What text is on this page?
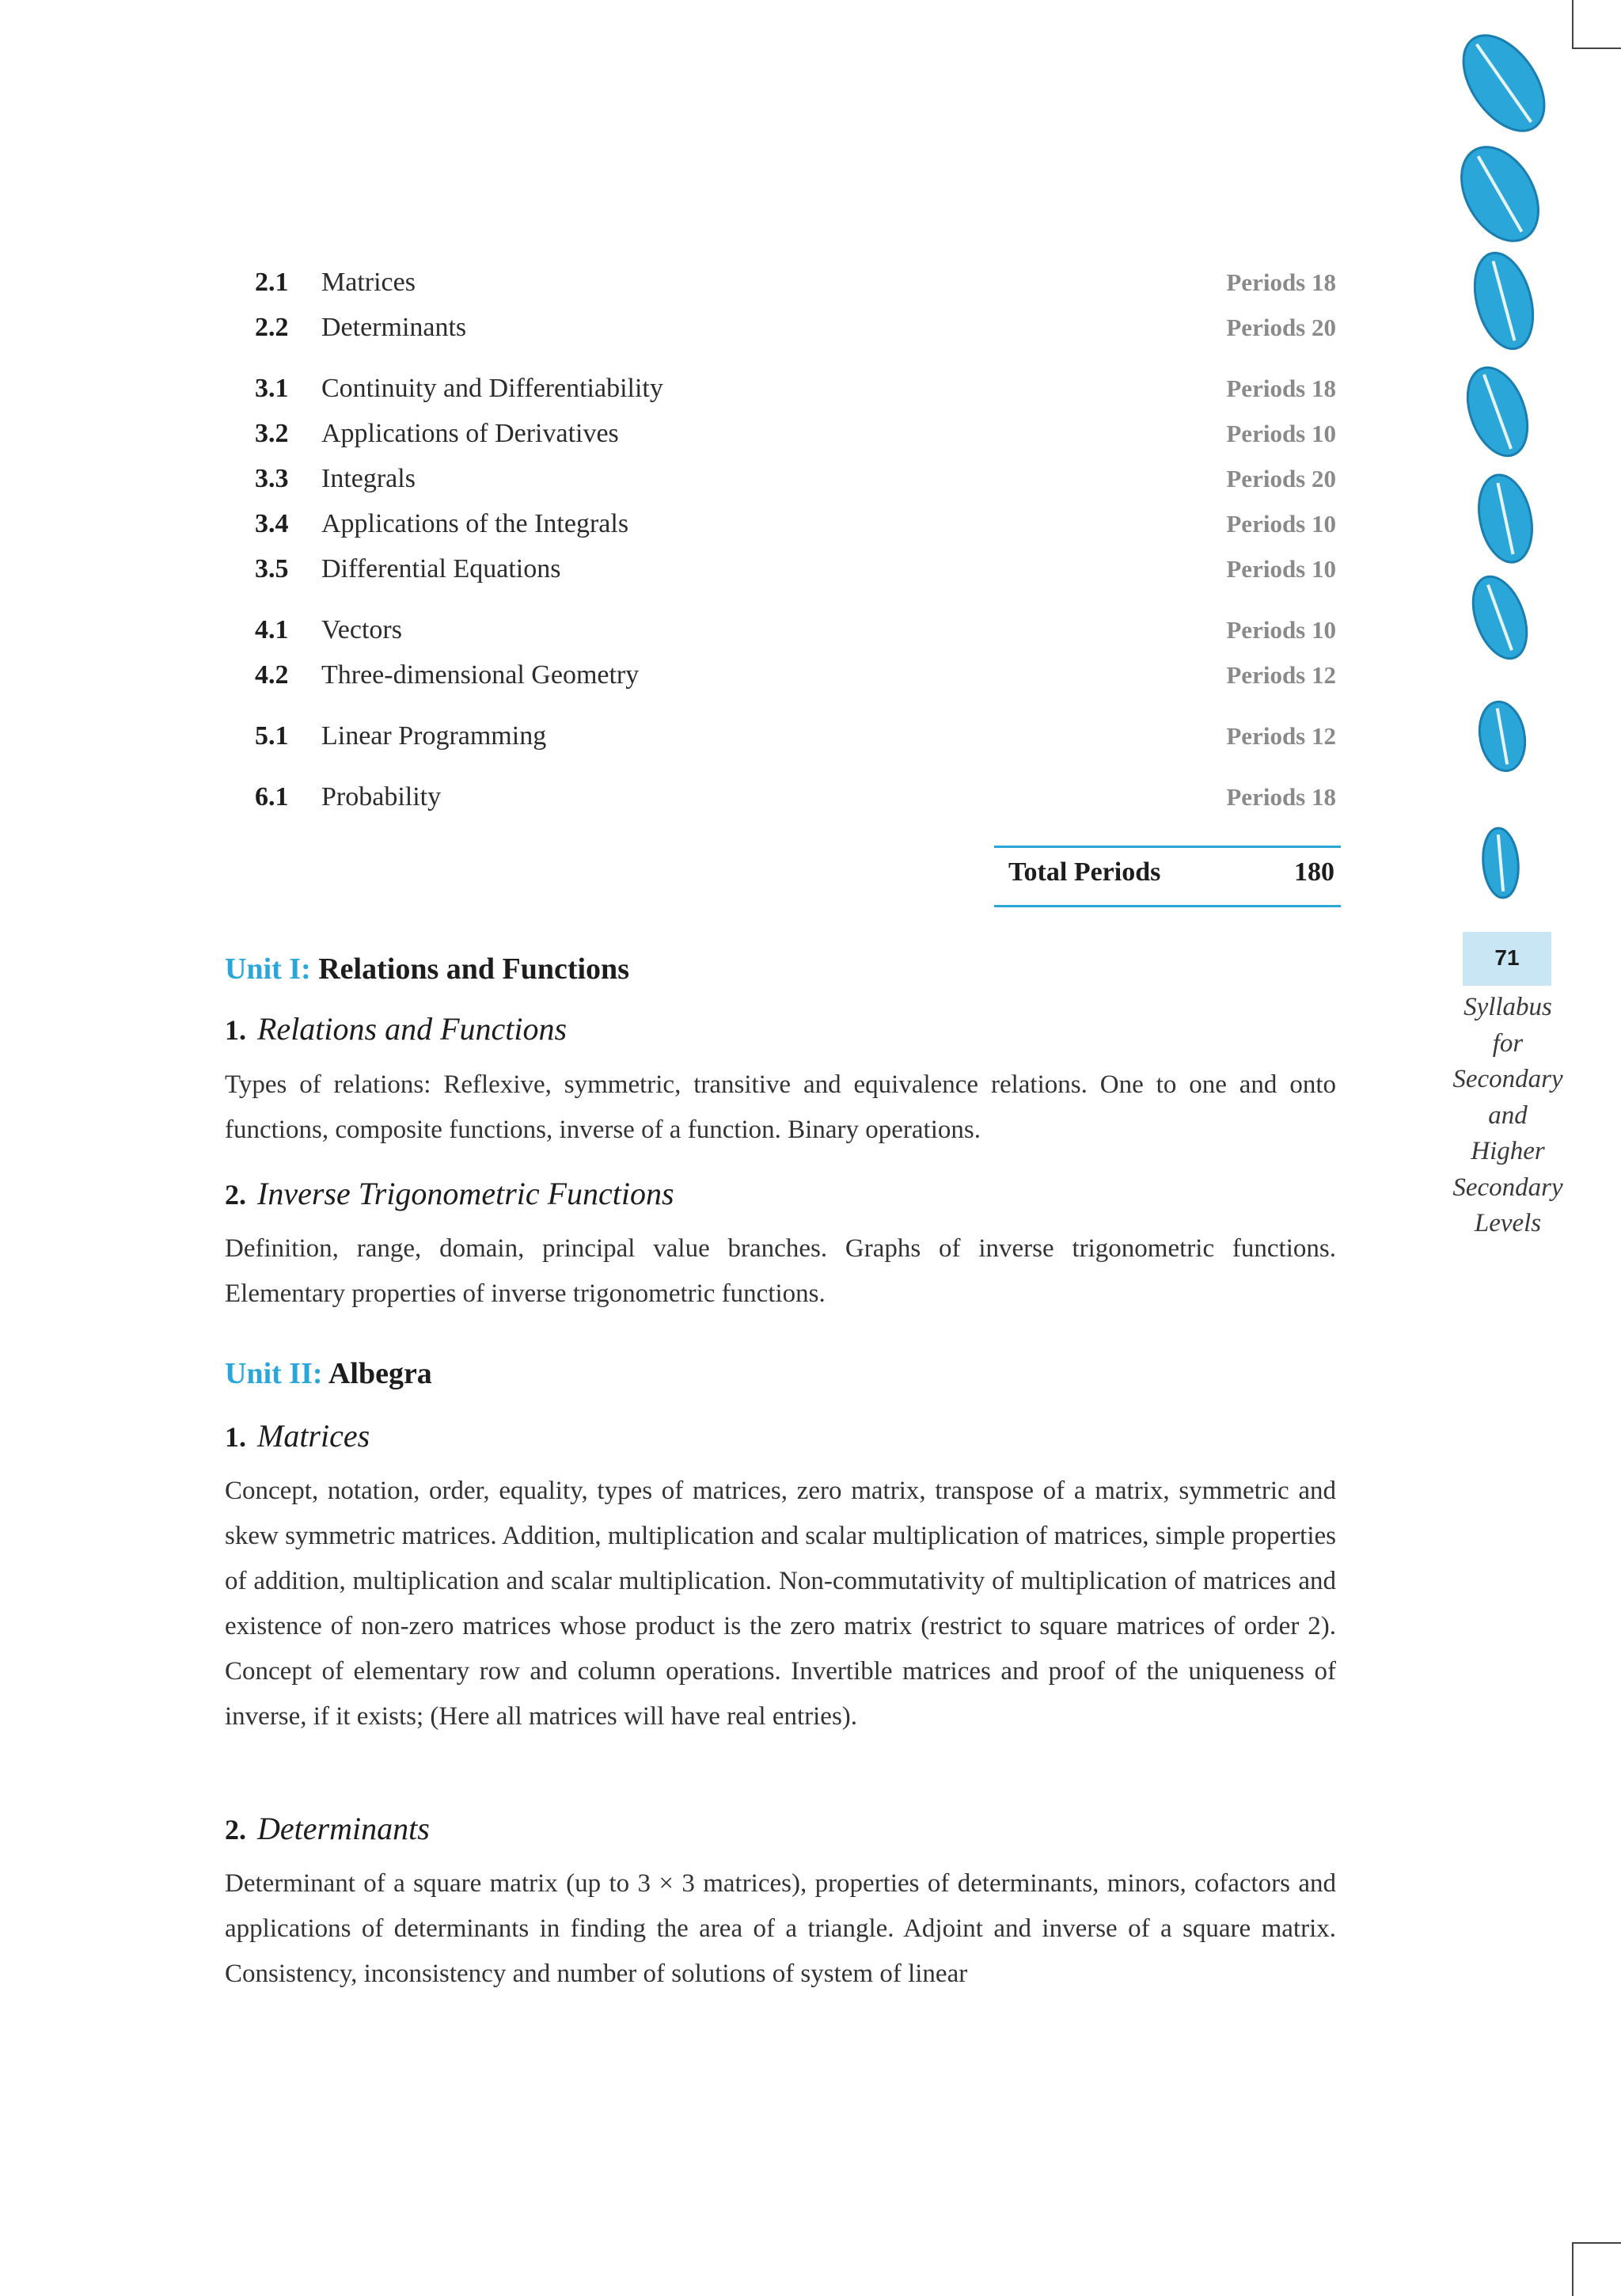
2.1 Matrices	Periods 18
2.2 Determinants	Periods 20
3.1 Continuity and Differentiability	Periods 18
3.2 Applications of Derivatives	Periods 10
3.3 Integrals	Periods 20
3.4 Applications of the Integrals	Periods 10
3.5 Differential Equations	Periods 10
4.1 Vectors	Periods 10
4.2 Three-dimensional Geometry	Periods 12
5.1 Linear Programming	Periods 12
6.1 Probability	Periods 18
Total Periods	180
Unit I: Relations and Functions
1. Relations and Functions

Types of relations: Reflexive, symmetric, transitive and equivalence relations. One to one and onto functions, composite functions, inverse of a function. Binary operations.

2. Inverse Trigonometric Functions

Definition, range, domain, principal value branches. Graphs of inverse trigonometric functions. Elementary properties of inverse trigonometric functions.

Unit II: Albegra
1. Matrices

Concept, notation, order, equality, types of matrices, zero matrix, transpose of a matrix, symmetric and skew symmetric matrices. Addition, multiplication and scalar multiplication of matrices, simple properties of addition, multiplication and scalar multiplication. Non-commutativity of multiplication of matrices and existence of non-zero matrices whose product is the zero matrix (restrict to square matrices of order 2). Concept of elementary row and column operations. Invertible matrices and proof of the uniqueness of inverse, if it exists; (Here all matrices will have real entries).

2. Determinants

Determinant of a square matrix (up to 3 × 3 matrices), properties of determinants, minors, cofactors and applications of determinants in finding the area of a triangle. Adjoint and inverse of a square matrix. Consistency, inconsistency and number of solutions of system of linear

71
Syllabus
for
Secondary
and
Higher
Secondary
Levels
